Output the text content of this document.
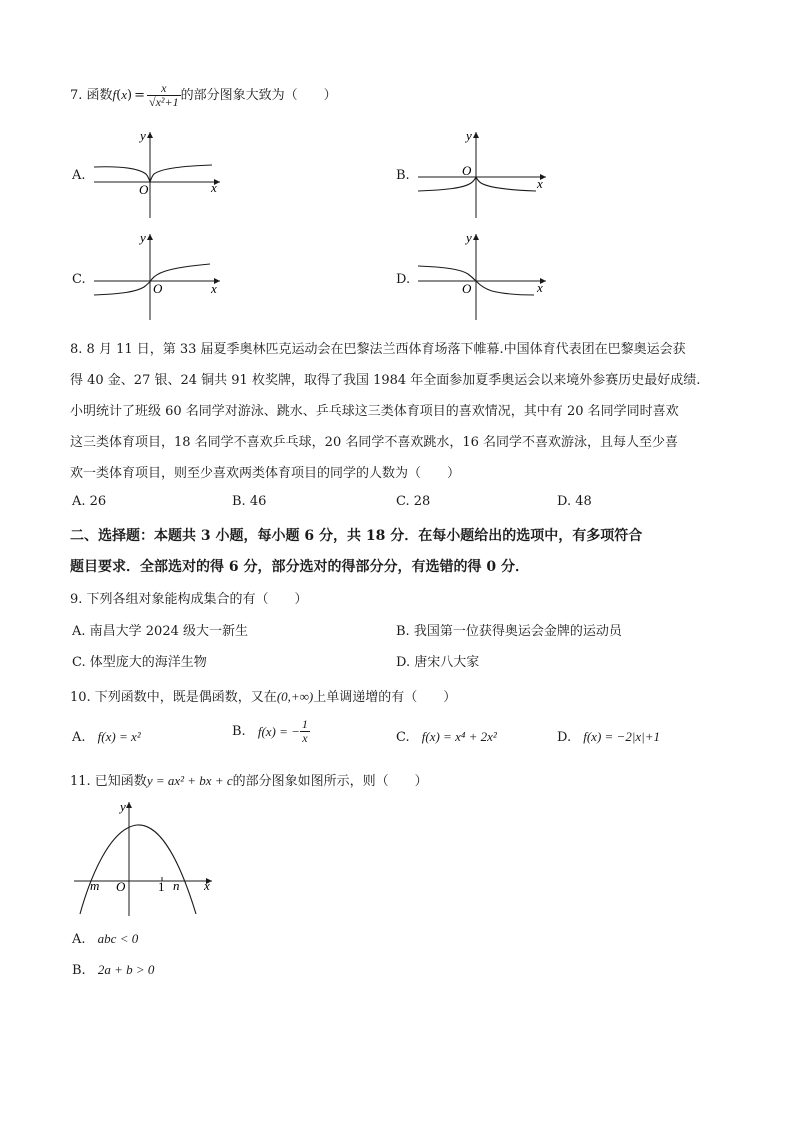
7. 函数$f(x) = \frac{x}{\text{√x²+1}}$ 的部分图象大致为（　　）
A.
O	x
y
B.	O
x
y
C.
O	x
y
D.
O	x
y
8. 8 月 11 日，第 33 届夏季奥林匹克运动会在巴黎法兰西体育场落下帷幕.中国体育代表团在巴黎奥运会获
得 40 金、27 银、24 铜共 91 枚奖牌，取得了我国 1984 年全面参加夏季奥运会以来境外参赛历史最好成绩.
小明统计了班级 60 名同学对游泳、跳水、乒乓球这三类体育项目的喜欢情况，其中有 20 名同学同时喜欢
这三类体育项目，18 名同学不喜欢乒乓球，20 名同学不喜欢跳水，16 名同学不喜欢游泳，且每人至少喜
欢一类体育项目，则至少喜欢两类体育项目的同学的人数为（　　）
A. 26	B. 46	C. 28	D. 48
二、选择题：本题共 3 小题，每小题 6 分，共 18 分．在每小题给出的选项中，有多项符合
题目要求．全部选对的得 6 分，部分选对的得部分分，有选错的得 0 分．
9. 下列各组对象能构成集合的有（　　）
A. 南昌大学 2024 级大一新生	B. 我国第一位获得奥运会金牌的运动员
C. 体型庞大的海洋生物	D. 唐宋八大家
10. 下列函数中，既是偶函数，又在(0,+∞)上单调递增的有（　　）
A. f(x) = x²	B. f(x) = − $\frac{1}{x}$	C. f(x) = x⁴ + 2x²	D. f(x) = −2|x|+1
11. 已知函数y = ax² + bx + c的部分图象如图所示，则（　　）
y
x
O
m	1 n
A. abc < 0
B. 2a + b > 0
